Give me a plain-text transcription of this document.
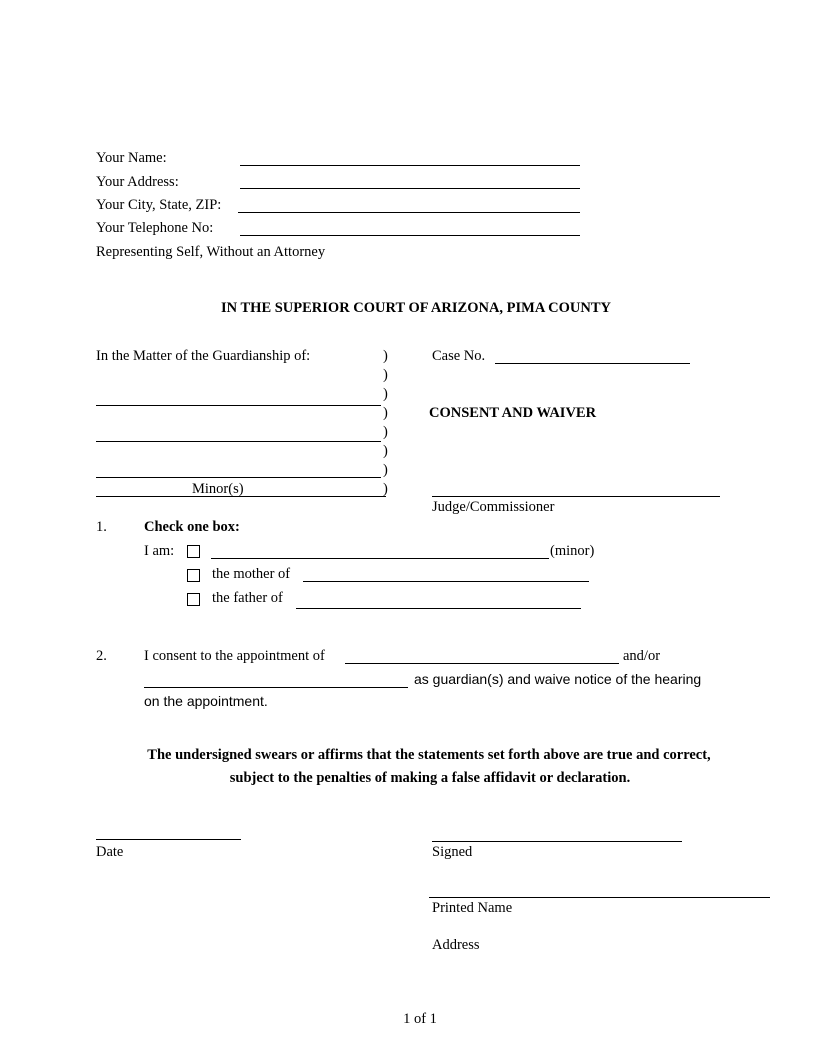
Your Name:
Your Address:
Your City, State, ZIP:
Your Telephone No:
Representing Self, Without an Attorney
IN THE SUPERIOR COURT OF ARIZONA, PIMA COUNTY
In the Matter of the Guardianship of:
Minor(s)
)
)
)
)
)
)
)
)
Case No.
CONSENT AND WAIVER
Judge/Commissioner
1.	Check one box:
I am:	(minor)
the mother of
the father of
2.	I consent to the appointment of	and/or
as guardian(s) and waive notice of the hearing
on the appointment.
The undersigned swears or affirms that the statements set forth above are true and correct,
subject to the penalties of making a false affidavit or declaration.
Date	Signed
Printed Name
Address
1 of 1
